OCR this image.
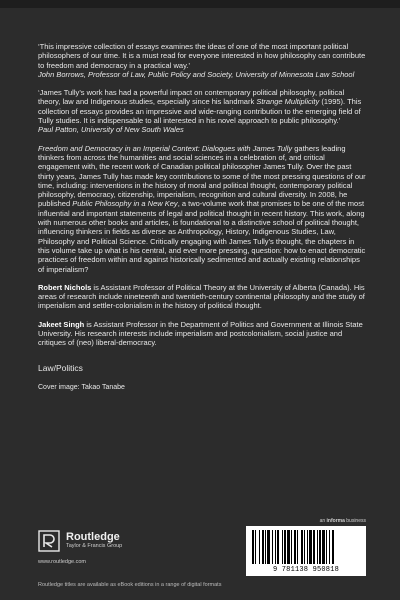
‘This impressive collection of essays examines the ideas of one of the most important political philosophers of our time. It is a must read for everyone interested in how philosophy can contribute to freedom and democracy in a practical way.’
John Borrows, Professor of Law, Public Policy and Society, University of Minnesota Law School
‘James Tully’s work has had a powerful impact on contemporary political philosophy, political theory, law and Indigenous studies, especially since his landmark Strange Multiplicity (1995). This collection of essays provides an impressive and wide-ranging contribution to the emerging field of Tully studies. It is indispensable to all interested in his novel approach to public philosophy.’
Paul Patton, University of New South Wales
Freedom and Democracy in an Imperial Context: Dialogues with James Tully gathers leading thinkers from across the humanities and social sciences in a celebration of, and critical engagement with, the recent work of Canadian political philosopher James Tully. Over the past thirty years, James Tully has made key contributions to some of the most pressing questions of our time, including: interventions in the history of moral and political thought, contemporary political philosophy, democracy, citizenship, imperialism, recognition and cultural diversity. In 2008, he published Public Philosophy in a New Key, a two-volume work that promises to be one of the most influential and important statements of legal and political thought in recent history. This work, along with numerous other books and articles, is foundational to a distinctive school of political thought, influencing thinkers in fields as diverse as Anthropology, History, Indigenous Studies, Law, Philosophy and Political Science. Critically engaging with James Tully’s thought, the chapters in this volume take up what is his central, and ever more pressing, question: how to enact democratic practices of freedom within and against historically sedimented and actually existing relationships of imperialism?
Robert Nichols is Assistant Professor of Political Theory at the University of Alberta (Canada). His areas of research include nineteenth and twentieth-century continental philosophy and the study of imperialism and settler-colonialism in the history of political thought.
Jakeet Singh is Assistant Professor in the Department of Politics and Government at Illinois State University. His research interests include imperialism and postcolonialism, social justice and critiques of (neo) liberal-democracy.
Law/Politics
Cover image: Takao Tanabe
Routledge
Taylor & Francis Group
www.routledge.com
an informa business
9 781138 950818
Routledge titles are available as eBook editions in a range of digital formats
